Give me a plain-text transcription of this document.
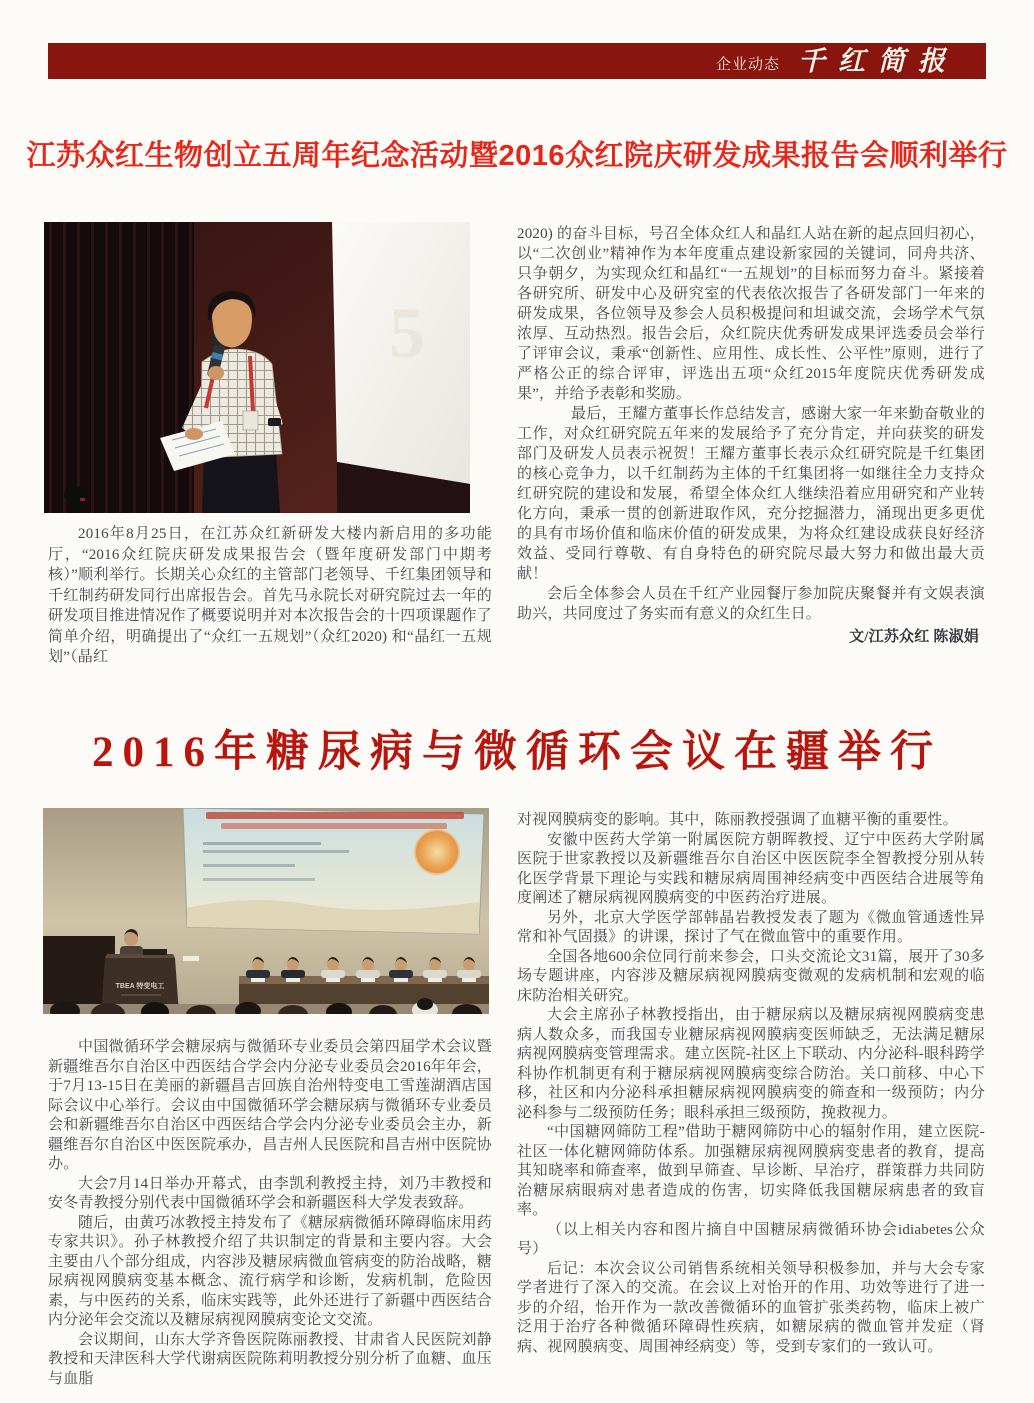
企业动态 千红简报
江苏众红生物创立五周年纪念活动暨2016众红院庆研发成果报告会顺利举行
5

2016年8月25日，在江苏众红新研发大楼内新启用的多功能厅，“2016众红院庆研发成果报告会（暨年度研发部门中期考核）”顺利举行。长期关心众红的主管部门老领导、千红集团领导和千红制药研发同行出席报告会。首先马永院长对研究院过去一年的研发项目推进情况作了概要说明并对本次报告会的十四项课题作了简单介绍，明确提出了“众红一五规划”（众红2020) 和“晶红一五规划”（晶红

2020) 的奋斗目标，号召全体众红人和晶红人站在新的起点回归初心，以“二次创业”精神作为本年度重点建设新家园的关键词，同舟共济、只争朝夕，为实现众红和晶红“一五规划”的目标而努力奋斗。紧接着各研究所、研发中心及研究室的代表依次报告了各研发部门一年来的研发成果，各位领导及参会人员积极提问和坦诚交流，会场学术气氛浓厚、互动热烈。报告会后，众红院庆优秀研发成果评选委员会举行了评审会议，秉承“创新性、应用性、成长性、公平性”原则，进行了严格公正的综合评审，评选出五项“众红2015年度院庆优秀研发成果”，并给予表彰和奖励。

最后，王耀方董事长作总结发言，感谢大家一年来勤奋敬业的工作，对众红研究院五年来的发展给予了充分肯定，并向获奖的研发部门及研发人员表示祝贺！王耀方董事长表示众红研究院是千红集团的核心竞争力，以千红制药为主体的千红集团将一如继往全力支持众红研究院的建设和发展，希望全体众红人继续沿着应用研究和产业转化方向，秉承一贯的创新进取作风，充分挖掘潜力，涌现出更多更优的具有市场价值和临床价值的研发成果，为将众红建设成获良好经济效益、受同行尊敬、有自身特色的研究院尽最大努力和做出最大贡献！

会后全体参会人员在千红产业园餐厅参加院庆聚餐并有文娱表演助兴，共同度过了务实而有意义的众红生日。

文/江苏众红 陈淑娟

2016年糖尿病与微循环会议在疆举行
TBEA 特变电工

中国微循环学会糖尿病与微循环专业委员会第四届学术会议暨新疆维吾尔自治区中西医结合学会内分泌专业委员会2016年年会，于7月13-15日在美丽的新疆昌吉回族自治州特变电工雪莲湖酒店国际会议中心举行。会议由中国微循环学会糖尿病与微循环专业委员会和新疆维吾尔自治区中西医结合学会内分泌专业委员会主办，新疆维吾尔自治区中医医院承办，昌吉州人民医院和昌吉州中医院协办。

大会7月14日举办开幕式，由李凯利教授主持，刘乃丰教授和安冬青教授分别代表中国微循环学会和新疆医科大学发表致辞。

随后，由黄巧冰教授主持发布了《糖尿病微循环障碍临床用药专家共识》。孙子林教授介绍了共识制定的背景和主要内容。大会主要由八个部分组成，内容涉及糖尿病微血管病变的防治战略，糖尿病视网膜病变基本概念、流行病学和诊断，发病机制，危险因素，与中医药的关系，临床实践等，此外还进行了新疆中西医结合内分泌年会交流以及糖尿病视网膜病变论文交流。

会议期间，山东大学齐鲁医院陈丽教授、甘肃省人民医院刘静教授和天津医科大学代谢病医院陈莉明教授分别分析了血糖、血压与血脂

对视网膜病变的影响。其中，陈丽教授强调了血糖平衡的重要性。

安徽中医药大学第一附属医院方朝晖教授、辽宁中医药大学附属医院于世家教授以及新疆维吾尔自治区中医医院李全智教授分别从转化医学背景下理论与实践和糖尿病周围神经病变中西医结合进展等角度阐述了糖尿病视网膜病变的中医药治疗进展。

另外，北京大学医学部韩晶岩教授发表了题为《微血管通透性异常和补气固摄》的讲课，探讨了气在微血管中的重要作用。

全国各地600余位同行前来参会，口头交流论文31篇，展开了30多场专题讲座，内容涉及糖尿病视网膜病变微观的发病机制和宏观的临床防治相关研究。

大会主席孙子林教授指出，由于糖尿病以及糖尿病视网膜病变患病人数众多，而我国专业糖尿病视网膜病变医师缺乏，无法满足糖尿病视网膜病变管理需求。建立医院-社区上下联动、内分泌科-眼科跨学科协作机制更有利于糖尿病视网膜病变综合防治。关口前移、中心下移，社区和内分泌科承担糖尿病视网膜病变的筛查和一级预防；内分泌科参与二级预防任务；眼科承担三级预防，挽救视力。

“中国糖网筛防工程”借助于糖网筛防中心的辐射作用，建立医院-社区一体化糖网筛防体系。加强糖尿病视网膜病变患者的教育，提高其知晓率和筛查率，做到早筛查、早诊断、早治疗，群策群力共同防治糖尿病眼病对患者造成的伤害，切实降低我国糖尿病患者的致盲率。

（以上相关内容和图片摘自中国糖尿病微循环协会idiabetes公众号）

后记：本次会议公司销售系统相关领导积极参加，并与大会专家学者进行了深入的交流。在会议上对怡开的作用、功效等进行了进一步的介绍，怡开作为一款改善微循环的血管扩张类药物，临床上被广泛用于治疗各种微循环障碍性疾病，如糖尿病的微血管并发症（肾病、视网膜病变、周围神经病变）等，受到专家们的一致认可。
